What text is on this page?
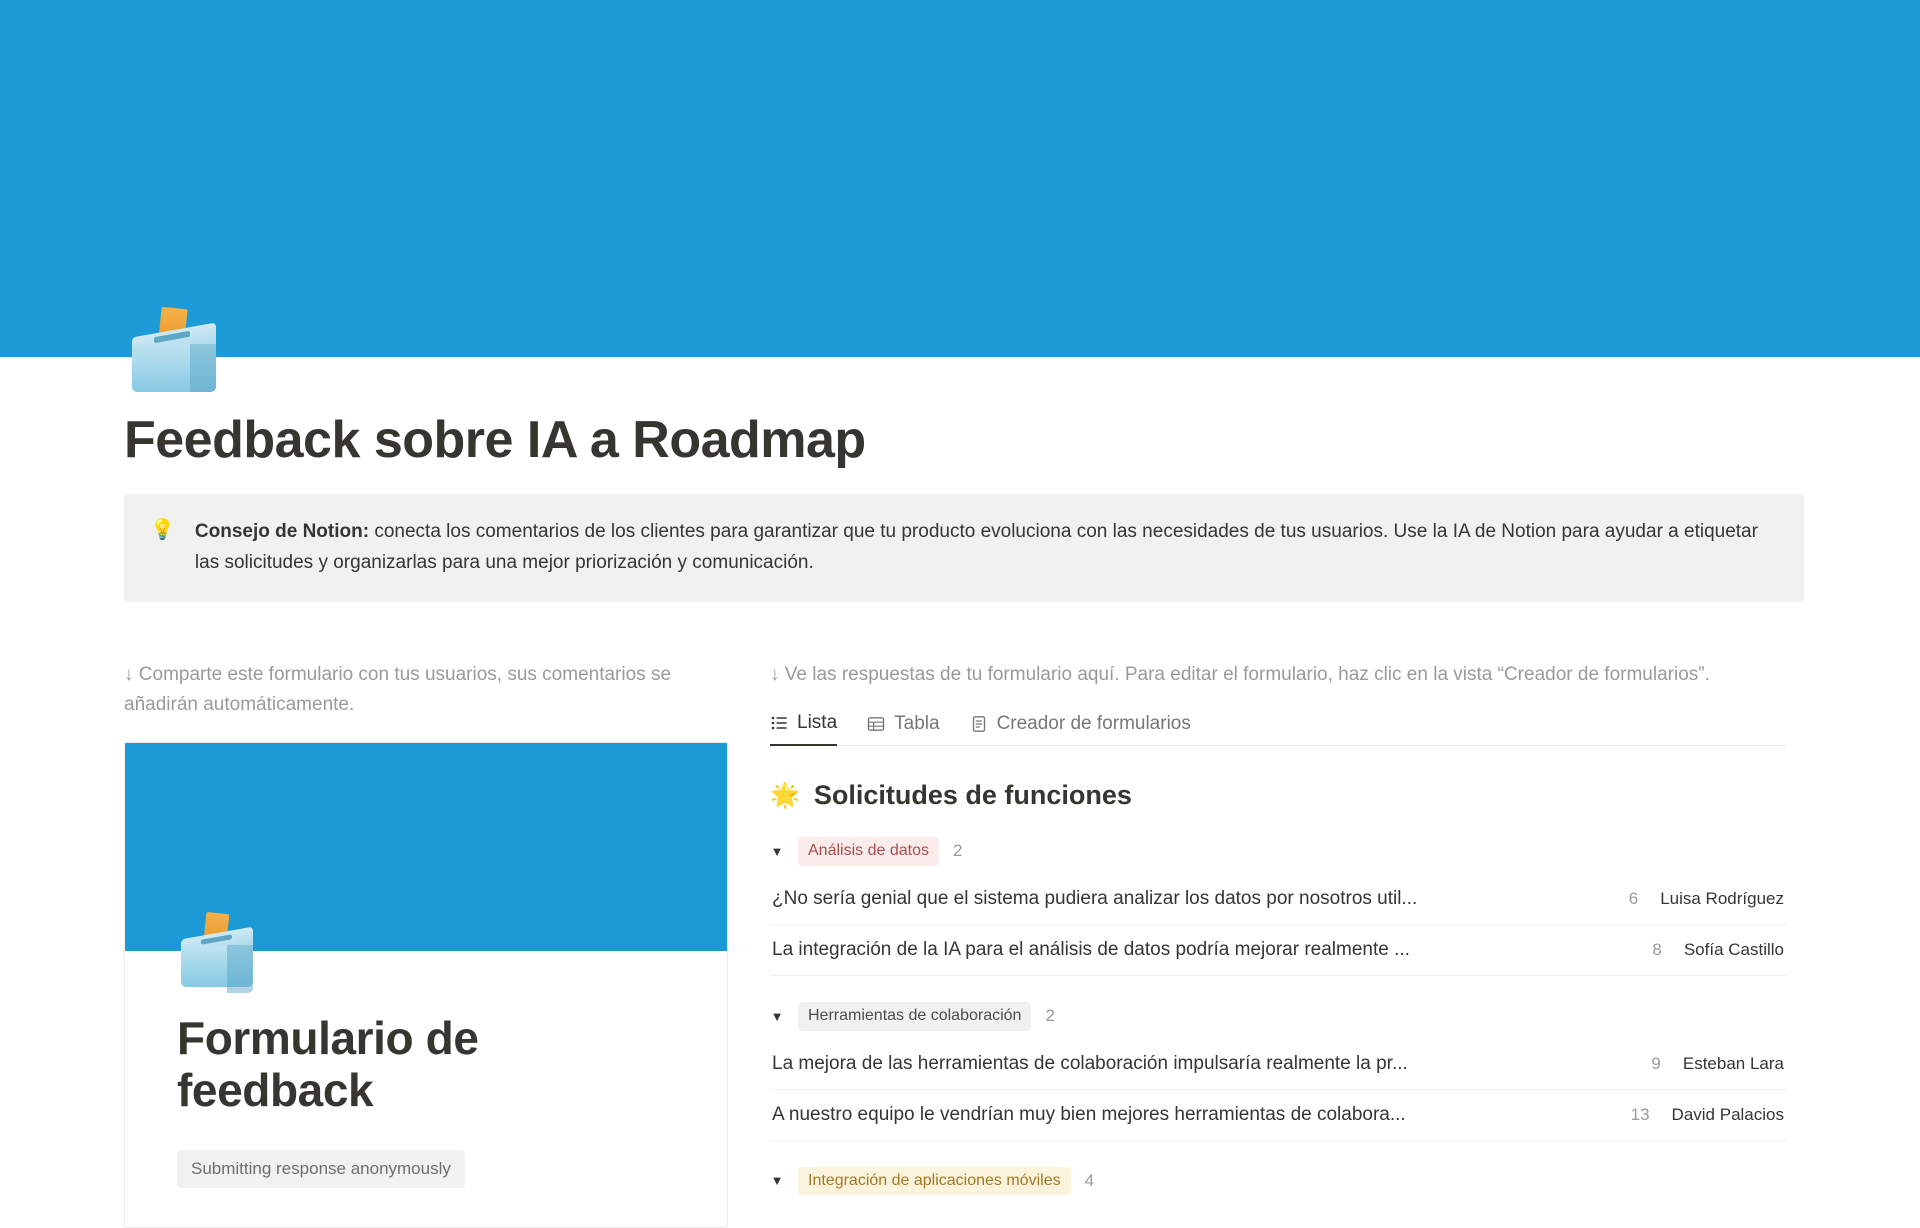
Feedback sobre IA a Roadmap
💡 Consejo de Notion: conecta los comentarios de los clientes para garantizar que tu producto evoluciona con las necesidades de tus usuarios. Use la IA de Notion para ayudar a etiquetar las solicitudes y organizarlas para una mejor priorización y comunicación.
↓ Comparte este formulario con tus usuarios, sus comentarios se añadirán automáticamente.
Formulario de feedback
Submitting response anonymously
↓ Ve las respuestas de tu formulario aquí. Para editar el formulario, haz clic en la vista “Creador de formularios”.
Lista	Tabla	Creador de formularios
🌟 Solicitudes de funciones
▼	Análisis de datos	2
¿No sería genial que el sistema pudiera analizar los datos por nosotros util...	6 Luisa Rodríguez
La integración de la IA para el análisis de datos podría mejorar realmente ...	8 Sofía Castillo
▼	Herramientas de colaboración	2
La mejora de las herramientas de colaboración impulsaría realmente la pr...	9 Esteban Lara
A nuestro equipo le vendrían muy bien mejores herramientas de colabora...	13 David Palacios
▼	Integración de aplicaciones móviles	4
